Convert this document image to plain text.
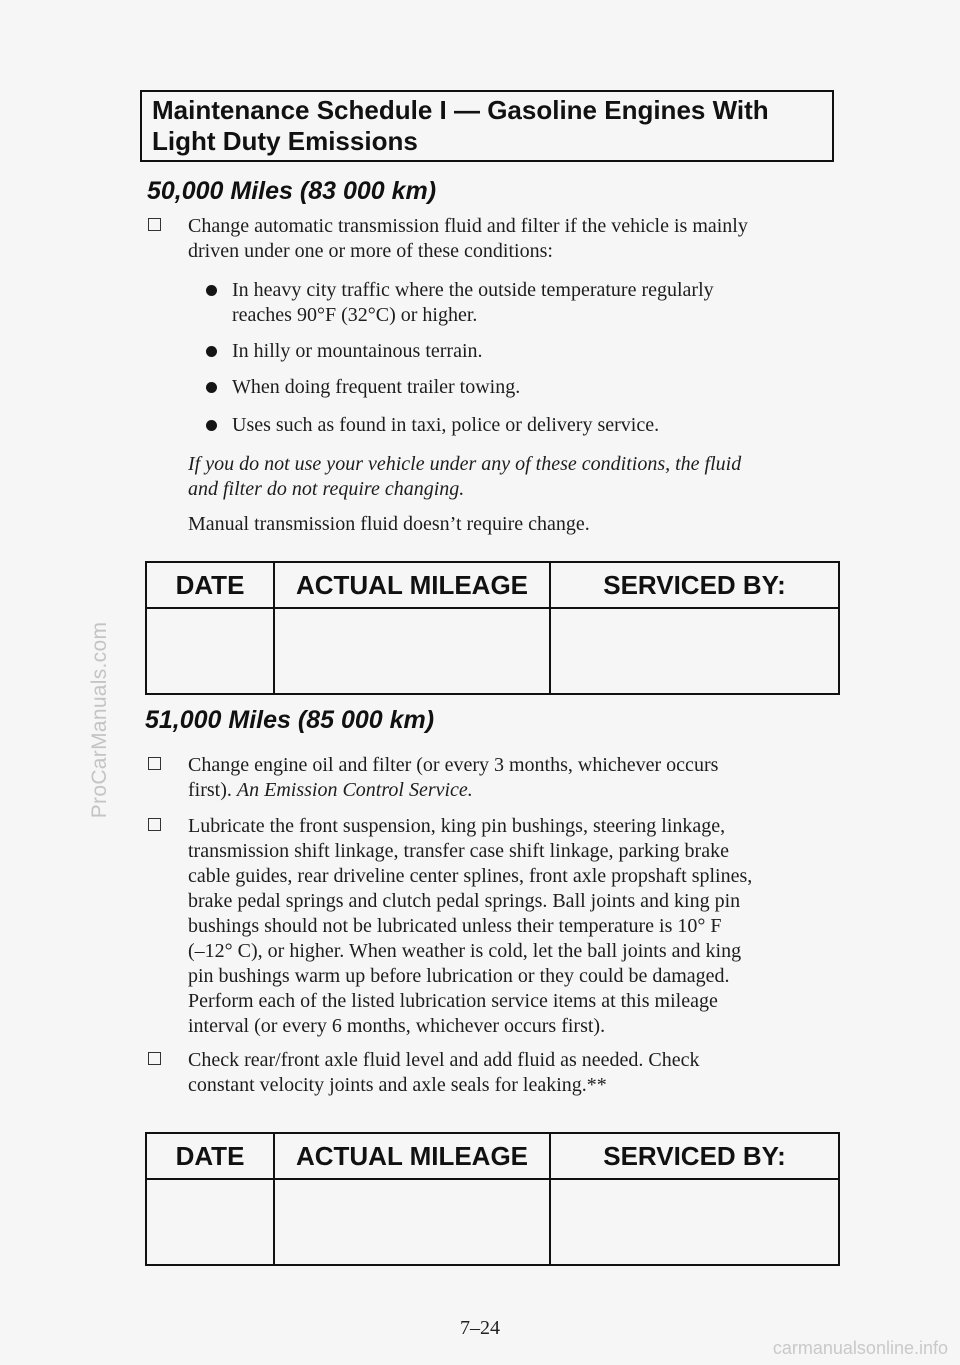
ProCarManuals.com
carmanualsonline.info
Maintenance Schedule I — Gasoline Engines With
Light Duty Emissions
50,000 Miles (83 000 km)
Change automatic transmission fluid and filter if the vehicle is mainly
driven under one or more of these conditions:
In heavy city traffic where the outside temperature regularly
reaches 90°F (32°C) or higher.
In hilly or mountainous terrain.
When doing frequent trailer towing.
Uses such as found in taxi, police or delivery service.
If you do not use your vehicle under any of these conditions, the fluid
and filter do not require changing.
Manual transmission fluid doesn’t require change.
DATE	ACTUAL MILEAGE	SERVICED BY:

51,000 Miles (85 000 km)
Change engine oil and filter (or every 3 months, whichever occurs
first). An Emission Control Service.
Lubricate the front suspension, king pin bushings, steering linkage,
transmission shift linkage, transfer case shift linkage, parking brake
cable guides, rear driveline center splines, front axle propshaft splines,
brake pedal springs and clutch pedal springs. Ball joints and king pin
bushings should not be lubricated unless their temperature is 10° F
(–12° C), or higher. When weather is cold, let the ball joints and king
pin bushings warm up before lubrication or they could be damaged.
Perform each of the listed lubrication service items at this mileage
interval (or every 6 months, whichever occurs first).
Check rear/front axle fluid level and add fluid as needed. Check
constant velocity joints and axle seals for leaking.**
DATE	ACTUAL MILEAGE	SERVICED BY:

7–24
